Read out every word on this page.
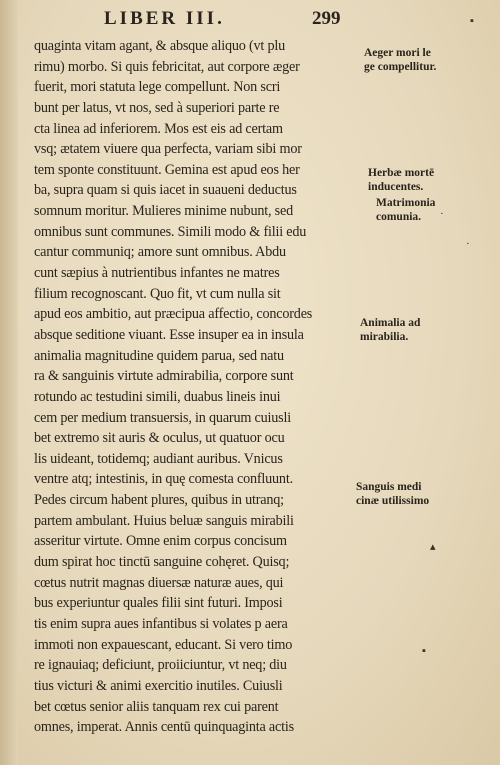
LIBER III.	299
quaginta vitam agant, & absque aliquo (vt plu
rimu) morbo. Si quis febricitat, aut corpore æger
fuerit, mori statuta lege compellunt. Non scri
bunt per latus, vt nos, sed à superiori parte re
cta linea ad inferiorem. Mos est eis ad certam
vsq; ætatem viuere qua perfecta, variam sibi mor
tem sponte constituunt. Gemina est apud eos her
ba, supra quam si quis iacet in suaueni deductus
somnum moritur. Mulieres minime nubunt, sed
omnibus sunt communes. Simili modo & filii edu
cantur communiq; amore sunt omnibus. Abdu
cunt sæpius à nutrientibus infantes ne matres
filium recognoscant. Quo fit, vt cum nulla sit
apud eos ambitio, aut præcipua affectio, concordes
absque seditione viuant. Esse insuper ea in insula
animalia magnitudine quidem parua, sed natu
ra & sanguinis virtute admirabilia, corpore sunt
rotundo ac testudini simili, duabus lineis inui
cem per medium transuersis, in quarum cuiusli
bet extremo sit auris & oculus, ut quatuor ocu
lis uideant, totidemq; audiant auribus. Vnicus
ventre atq; intestinis, in quę comesta confluunt.
Pedes circum habent plures, quibus in utranq;
partem ambulant. Huius beluæ sanguis mirabili
asseritur virtute. Omne enim corpus concisum
dum spirat hoc tinctū sanguine cohęret. Quisq;
cœtus nutrit magnas diuersæ naturæ aues, qui
bus experiuntur quales filii sint futuri. Imposi
tis enim supra aues infantibus si volates p aera
immoti non expauescant, educant. Si vero timo
re ignauiaq; deficiunt, proiiciuntur, vt neq; diu
tius victuri & animi exercitio inutiles. Cuiusli
bet cœtus senior aliis tanquam rex cui parent
omnes, imperat. Annis centū quinquaginta actis
Aeger mori le
ge compellitur.
Herbæ mortē
inducentes.
Matrimonia
comunia.
Animalia ad
mirabilia.
Sanguis medi
cinæ utilissimo
▪
·
·
▴
▪
